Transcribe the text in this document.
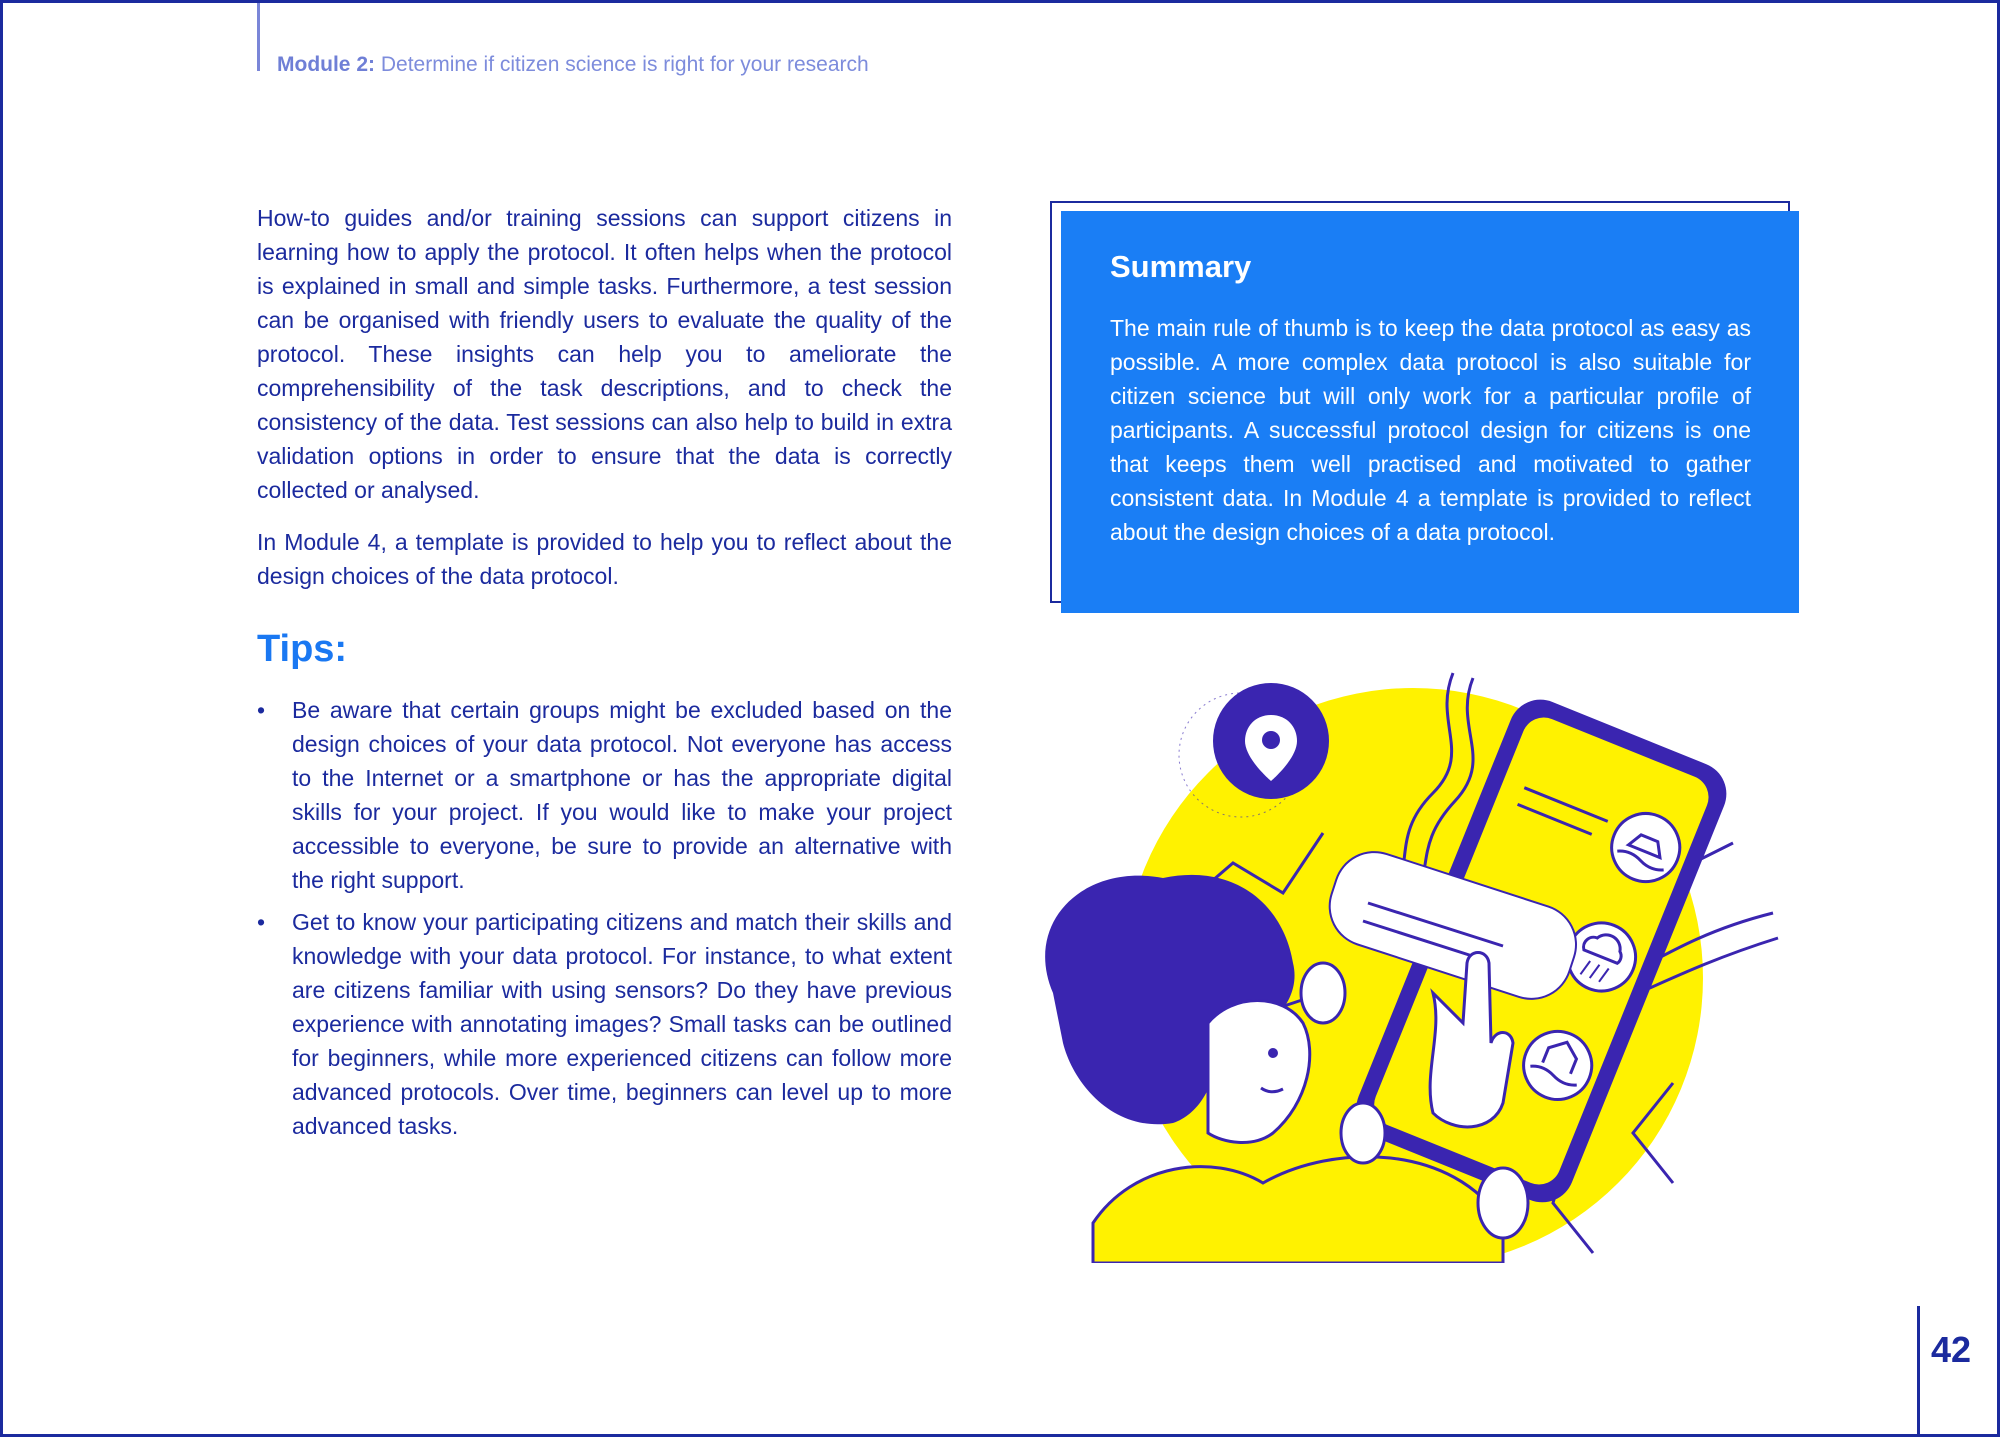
Module 2: Determine if citizen science is right for your research

How-to guides and/or training sessions can support citizens in learning how to apply the protocol. It often helps when the protocol is explained in small and simple tasks. Furthermore, a test session can be organised with friendly users to evaluate the quality of the protocol. These insights can help you to ameliorate the comprehensibility of the task descriptions, and to check the consistency of the data. Test sessions can also help to build in extra validation options in order to ensure that the data is correctly collected or analysed.

In Module 4, a template is provided to help you to reflect about the design choices of the data protocol.

Tips:
• Be aware that certain groups might be excluded based on the design choices of your data protocol. Not everyone has access to the Internet or a smartphone or has the appropriate digital skills for your project. If you would like to make your project accessible to everyone, be sure to provide an alternative with the right support.
• Get to know your participating citizens and match their skills and knowledge with your data protocol. For instance, to what extent are citizens familiar with using sensors? Do they have previous experience with annotating images? Small tasks can be outlined for beginners, while more experienced citizens can follow more advanced protocols. Over time, beginners can level up to more advanced tasks.
Summary

The main rule of thumb is to keep the data protocol as easy as possible. A more complex data protocol is also suitable for citizen science but will only work for a particular profile of participants. A successful protocol design for citizens is one that keeps them well practised and motivated to gather consistent data. In Module 4 a template is provided to reflect about the design choices of a data protocol.

42
